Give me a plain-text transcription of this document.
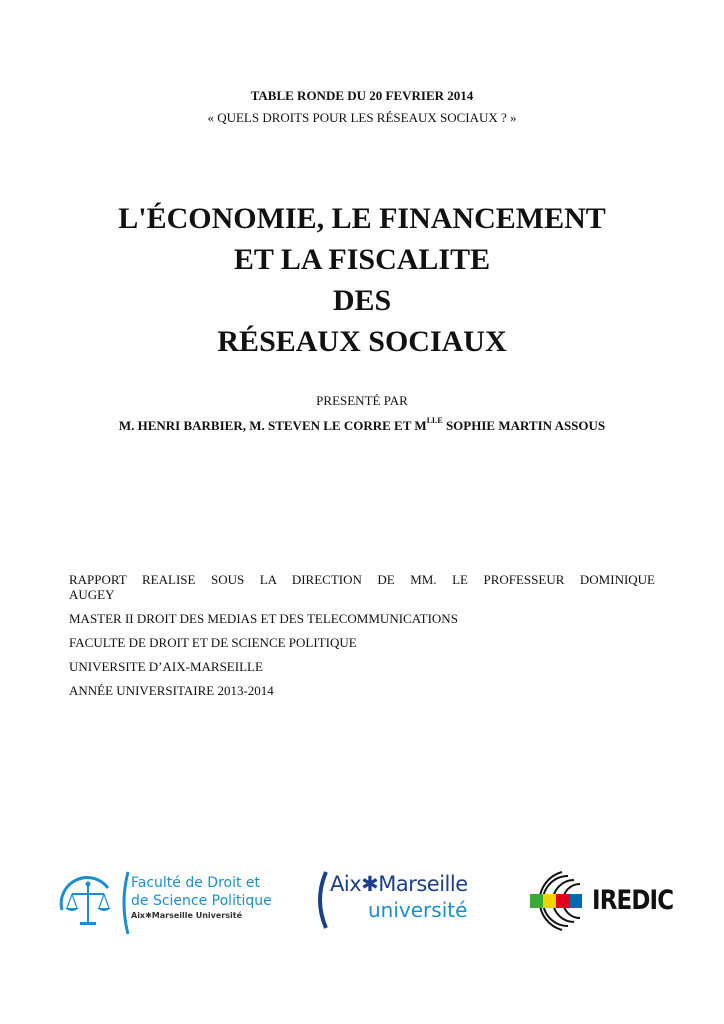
TABLE RONDE DU 20 FEVRIER 2014
« QUELS DROITS POUR LES RÉSEAUX SOCIAUX ? »
L'ÉCONOMIE, LE FINANCEMENT
ET LA FISCALITE
DES
RÉSEAUX SOCIAUX
PRESENTÉ PAR
M. HENRI BARBIER, M. STEVEN LE CORRE ET $M^{LLE}$ SOPHIE MARTIN ASSOUS
RAPPORT REALISE SOUS LA DIRECTION DE MM. LE PROFESSEUR DOMINIQUE
AUGEY
MASTER II DROIT DES MEDIAS ET DES TELECOMMUNICATIONS
FACULTE DE DROIT ET DE SCIENCE POLITIQUE
UNIVERSITE D’AIX-MARSEILLE
ANNÉE UNIVERSITAIRE 2013-2014
Faculté de Droit et
de Science Politique
Aix✱Marseille Université
Aix✱Marseille
université	IREDIC
